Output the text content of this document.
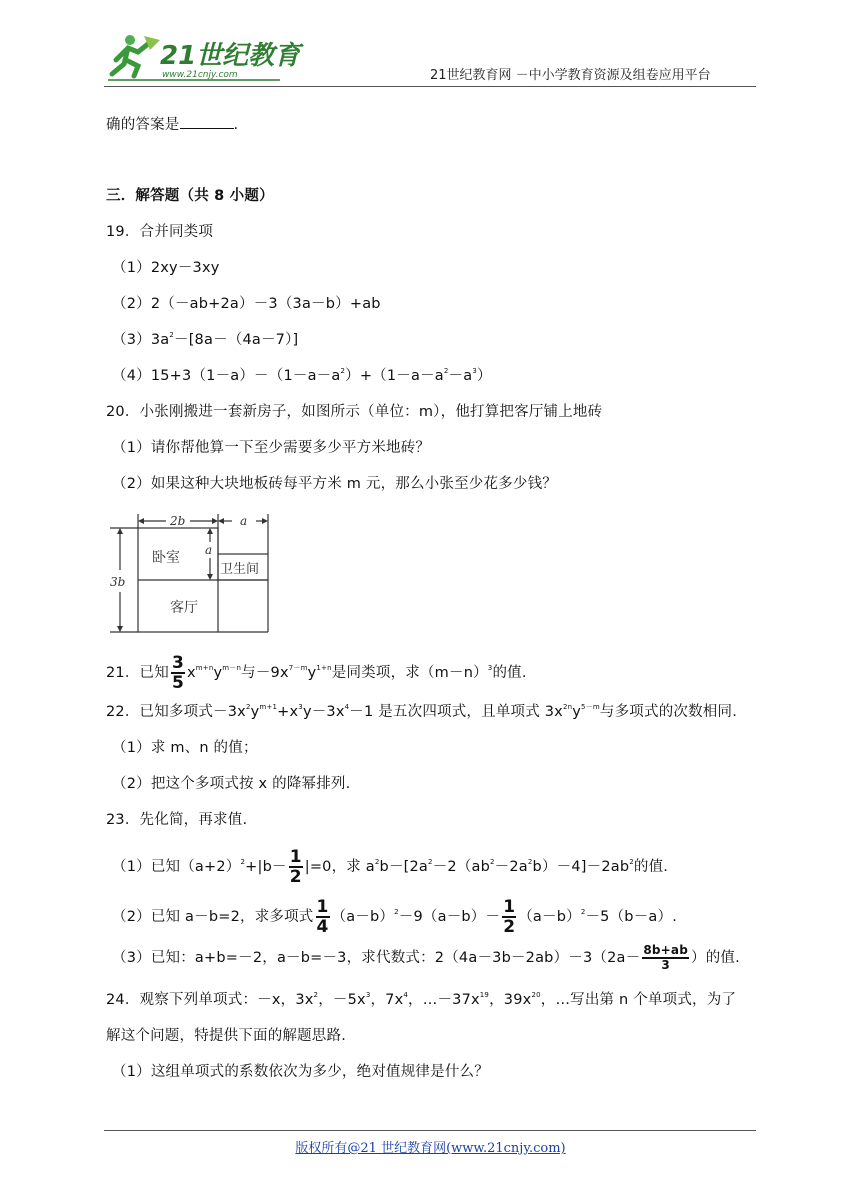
21世纪教育
www.21cnjy.com	21世纪教育网 －中小学教育资源及组卷应用平台
确的答案是	.
三．解答题（共 8 小题）
19．合并同类项
（1）2xy－3xy
（2）2（－ab+2a）－3（3a－b）+ab
$(3)3a^2-[8a-(4a-7)]$
$(4)15+3(1-a)-(1-a-a^2)+(1-a-a^2-a^3)$
20．小张刚搬进一套新房子，如图所示（单位：m），他打算把客厅铺上地砖
（1）请你帮他算一下至少需要多少平方米地砖？
（2）如果这种大块地板砖每平方米 m 元，那么小张至少花多少钱？
2b	a
3b
a
卧室
卫生间
客厅
21．已知 $\frac{3}{5} x^{m+n}y^{m-n}$与$-9x^{7-m}y^{1+n}$是同类项，求$(m-n)^3$的值.
22．已知多项式$-3x^2y^{m+1}+x^3y-3x^4-1$ 是五次四项式，且单项式 $3x^{2n}y^{5-m}$与多项式的次数相同.
（1）求 m、n 的值；
（2）把这个多项式按 x 的降幂排列.
23．先化简，再求值.
（1）已知$(a+2)^2+|b- \frac{1}{2} |=0$，求 $a^2b-[2a^2-2(ab^2-2a^2b)-4]-2ab^2$的值.
（2）已知 a－b=2，求多项式 $\frac{1}{4} (a-b)^2-9(a-b)- \frac{1}{2} (a-b)^2-5(b-a)$.
（3）已知：a+b=－2，a－b=－3，求代数式：$2(4a-3b-2ab)-3(2a- \frac{8b+ab}{3}$ ）的值.
24．观察下列单项式：－x，$3x^2$，$-5x^3$，$7x^4$，$\dots-37x^{19}$，$39x^{20}$，…写出第 n 个单项式，为了
解这个问题，特提供下面的解题思路.
（1）这组单项式的系数依次为多少，绝对值规律是什么？
版权所有@21 世纪教育网(www.21cnjy.com)
